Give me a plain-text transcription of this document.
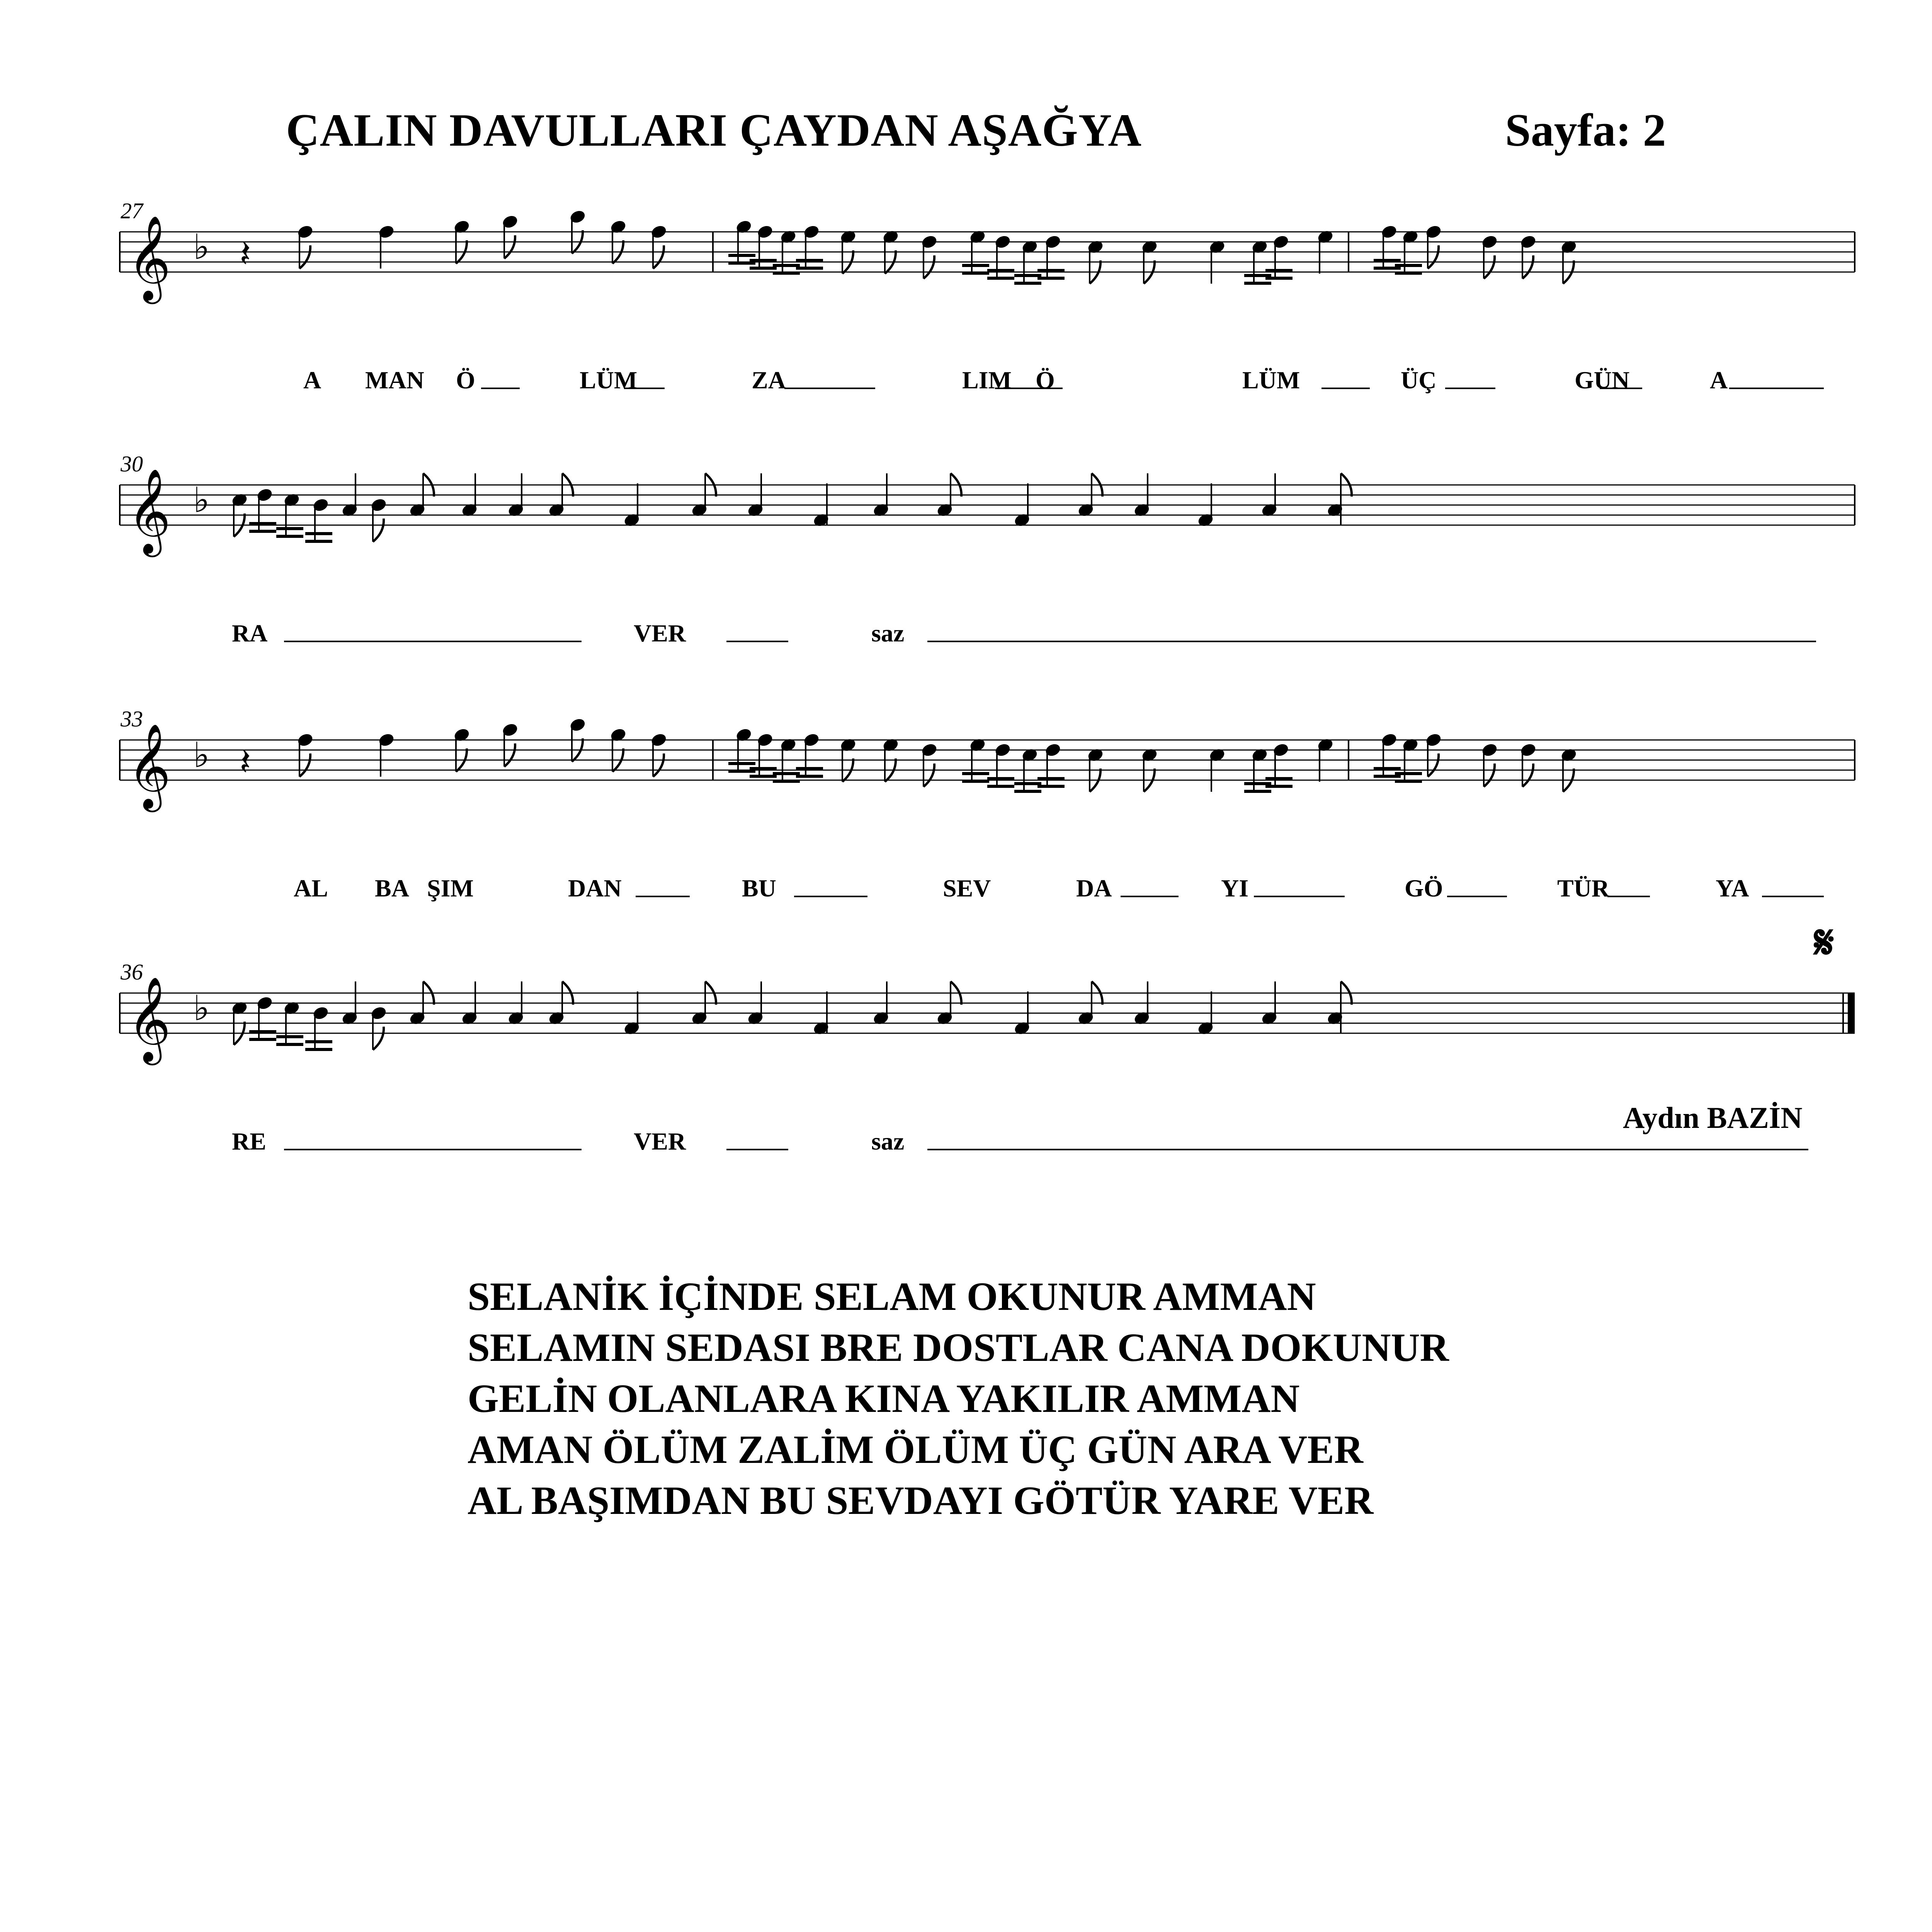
ÇALIN DAVULLARI ÇAYDAN AŞAĞYA	Sayfa: 2
𝄞 ♭
27
𝄽
A MAN Ö	LÜM	ZA	LIM Ö	LÜM	ÜÇ	GÜN	A
𝄞 ♭
30
RA	VER	saz
𝄞 ♭
33
𝄽
AL BA ŞIM	DAN	BU	SEV	DA	YI	GÖ	TÜR	YA
𝄞 ♭
36
𝄋
RE	VER	saz
Aydın BAZİN
SELANİK İÇİNDE SELAM OKUNUR AMMAN
SELAMIN SEDASI BRE DOSTLAR CANA DOKUNUR
GELİN OLANLARA KINA YAKILIR AMMAN
AMAN ÖLÜM ZALİM ÖLÜM ÜÇ GÜN ARA VER
AL BAŞIMDAN BU SEVDAYI GÖTÜR YARE VER
